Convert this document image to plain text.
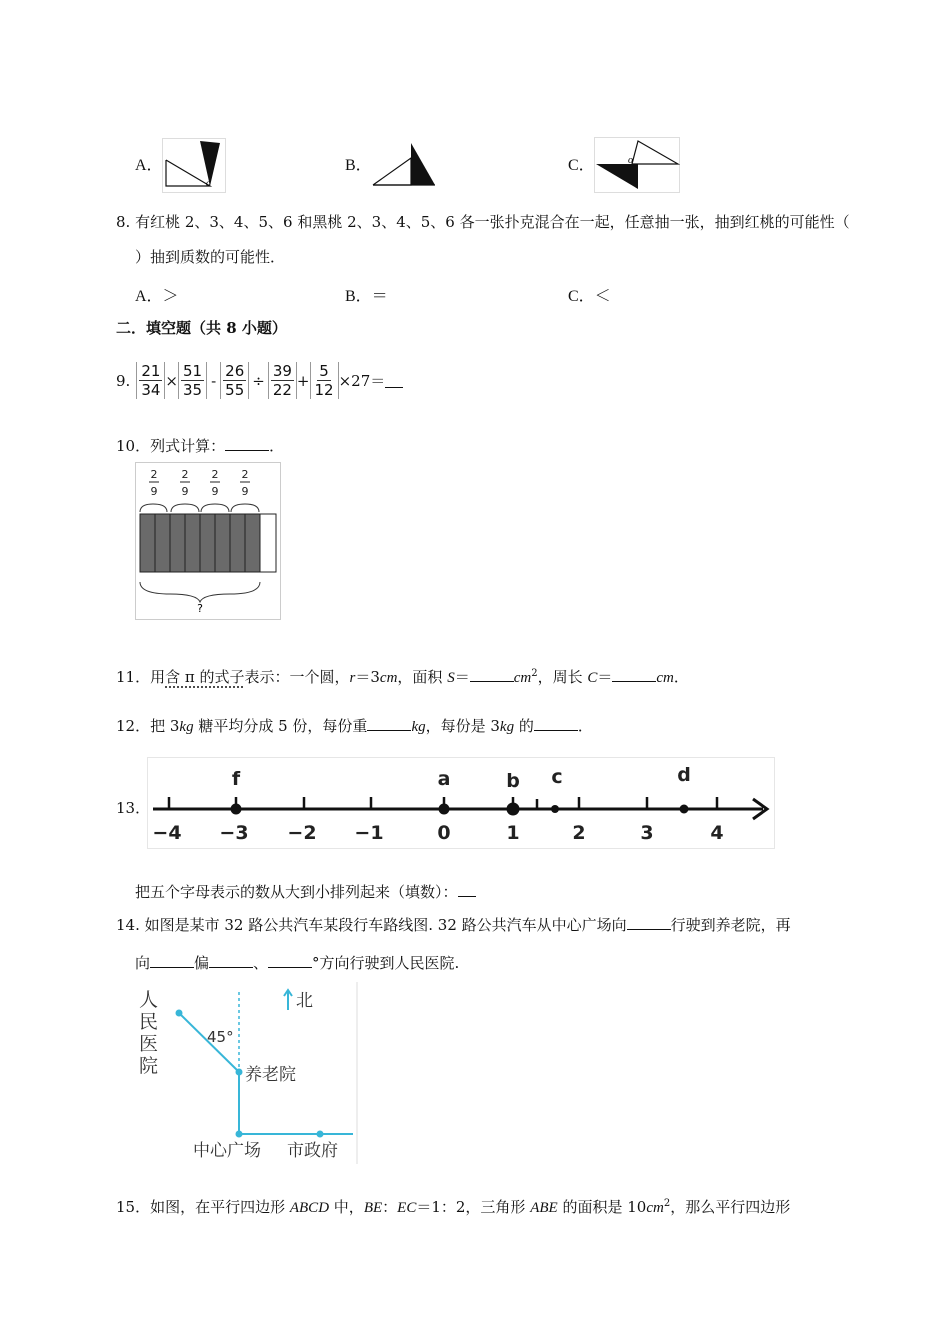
A．
o
B．	C．	o
8. 有红桃 2、3、4、5、6 和黑桃 2、3、4、5、6 各一张扑克混合在一起，任意抽一张，抽到红桃的可能性（
）抽到质数的可能性．
A．＞	B．＝	C．＜
二．填空题（共 8 小题）
9. $\frac{21}{34} \times \frac{51}{35} - \frac{26}{55} \div \frac{39}{22} + \frac{5}{12} \times 27=$
10．列式计算：	．
2
9
2
9
2
9
2
9
?
11．用含 π 的式子表示：一个圆，r＝3cm，面积 S＝	$cm^2$，周长 C＝	cm．
12．把 3kg 糖平均分成 5 份，每份重	kg，每份是 3kg 的	．
13．
f	a	b c	d
−4 −3 −2 −1	0	1	2	3	4
把五个字母表示的数从大到小排列起来（填数）：
14. 如图是某市 32 路公共汽车某段行车路线图. 32 路公共汽车从中心广场向	行驶到养老院，再
向	偏	、	°方向行驶到人民医院.
人民医院
北
45°
养老院
中心广场 市政府
15．如图，在平行四边形 ABCD 中，BE：EC＝1：2，三角形 ABE 的面积是 $10cm^2$，那么平行四边形
